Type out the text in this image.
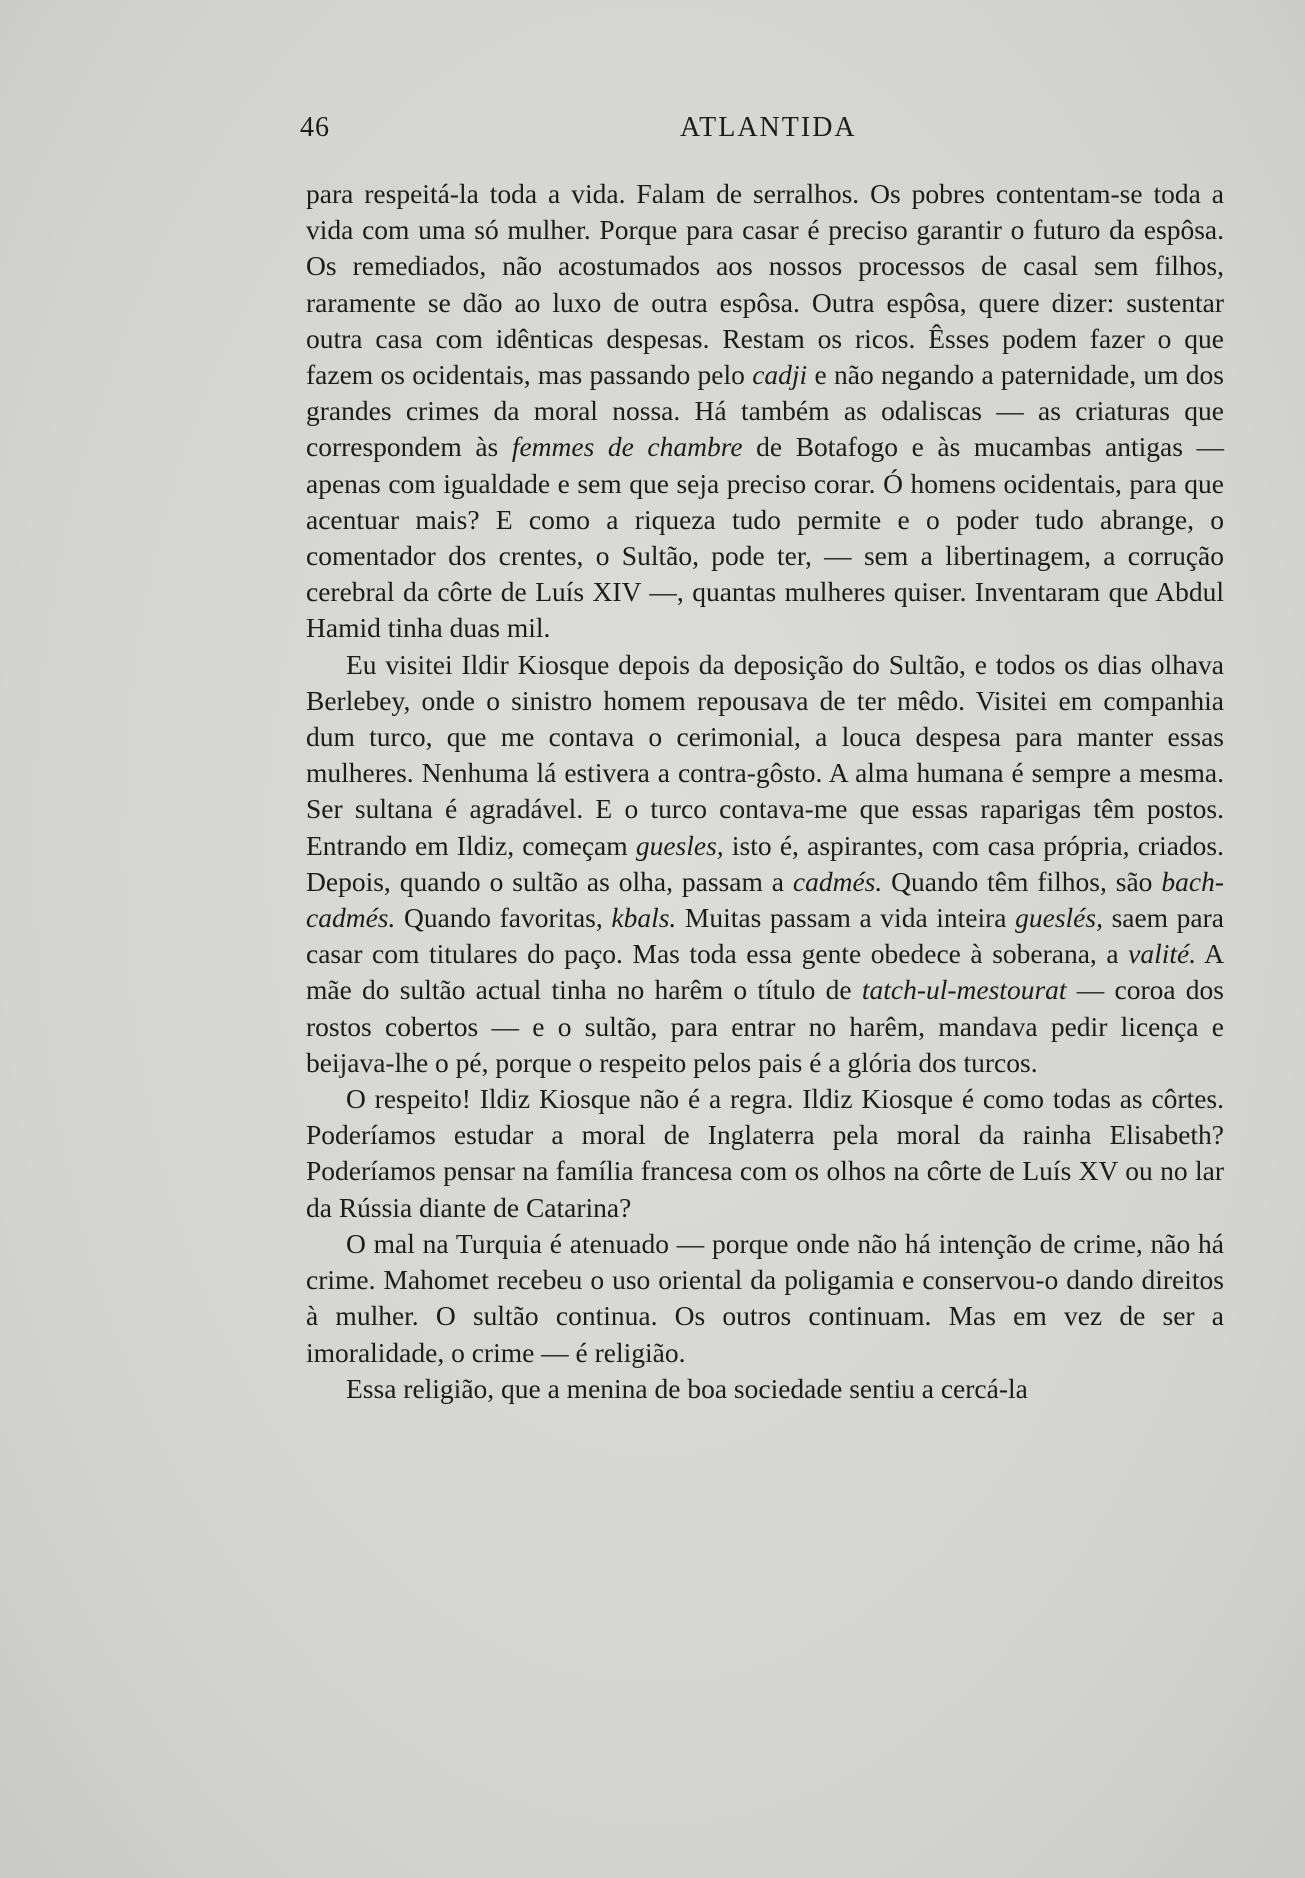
46	ATLANTIDA

para respeitá-la toda a vida. Falam de serralhos. Os pobres contentam-se toda a vida com uma só mulher. Porque para casar é preciso garantir o futuro da espôsa. Os remediados, não acostumados aos nossos processos de casal sem filhos, raramente se dão ao luxo de outra espôsa. Outra espôsa, quere dizer: sustentar outra casa com idênticas despesas. Restam os ricos. Êsses podem fazer o que fazem os ocidentais, mas passando pelo cadji e não negando a paternidade, um dos grandes crimes da moral nossa. Há também as odaliscas — as criaturas que correspondem às femmes de chambre de Botafogo e às mucambas antigas — apenas com igualdade e sem que seja preciso corar. Ó homens ocidentais, para que acentuar mais? E como a riqueza tudo permite e o poder tudo abrange, o comentador dos crentes, o Sultão, pode ter, — sem a libertinagem, a corrução cerebral da côrte de Luís XIV —, quantas mulheres quiser. Inventaram que Abdul Hamid tinha duas mil.

Eu visitei Ildir Kiosque depois da deposição do Sultão, e todos os dias olhava Berlebey, onde o sinistro homem repousava de ter mêdo. Visitei em companhia dum turco, que me contava o cerimonial, a louca despesa para manter essas mulheres. Nenhuma lá estivera a contra-gôsto. A alma humana é sempre a mesma. Ser sultana é agradável. E o turco contava-me que essas raparigas têm postos. Entrando em Ildiz, começam guesles, isto é, aspirantes, com casa própria, criados. Depois, quando o sultão as olha, passam a cadmés. Quando têm filhos, são bach-cadmés. Quando favoritas, kbals. Muitas passam a vida inteira gueslés, saem para casar com titulares do paço. Mas toda essa gente obedece à soberana, a valité. A mãe do sultão actual tinha no harêm o título de tatch-ul-mestourat — coroa dos rostos cobertos — e o sultão, para entrar no harêm, mandava pedir licença e beijava-lhe o pé, porque o respeito pelos pais é a glória dos turcos.

O respeito! Ildiz Kiosque não é a regra. Ildiz Kiosque é como todas as côrtes. Poderíamos estudar a moral de Inglaterra pela moral da rainha Elisabeth? Poderíamos pensar na família francesa com os olhos na côrte de Luís XV ou no lar da Rússia diante de Catarina?

O mal na Turquia é atenuado — porque onde não há intenção de crime, não há crime. Mahomet recebeu o uso oriental da poligamia e conservou-o dando direitos à mulher. O sultão continua. Os outros continuam. Mas em vez de ser a imoralidade, o crime — é religião.

Essa religião, que a menina de boa sociedade sentiu a cercá-la
